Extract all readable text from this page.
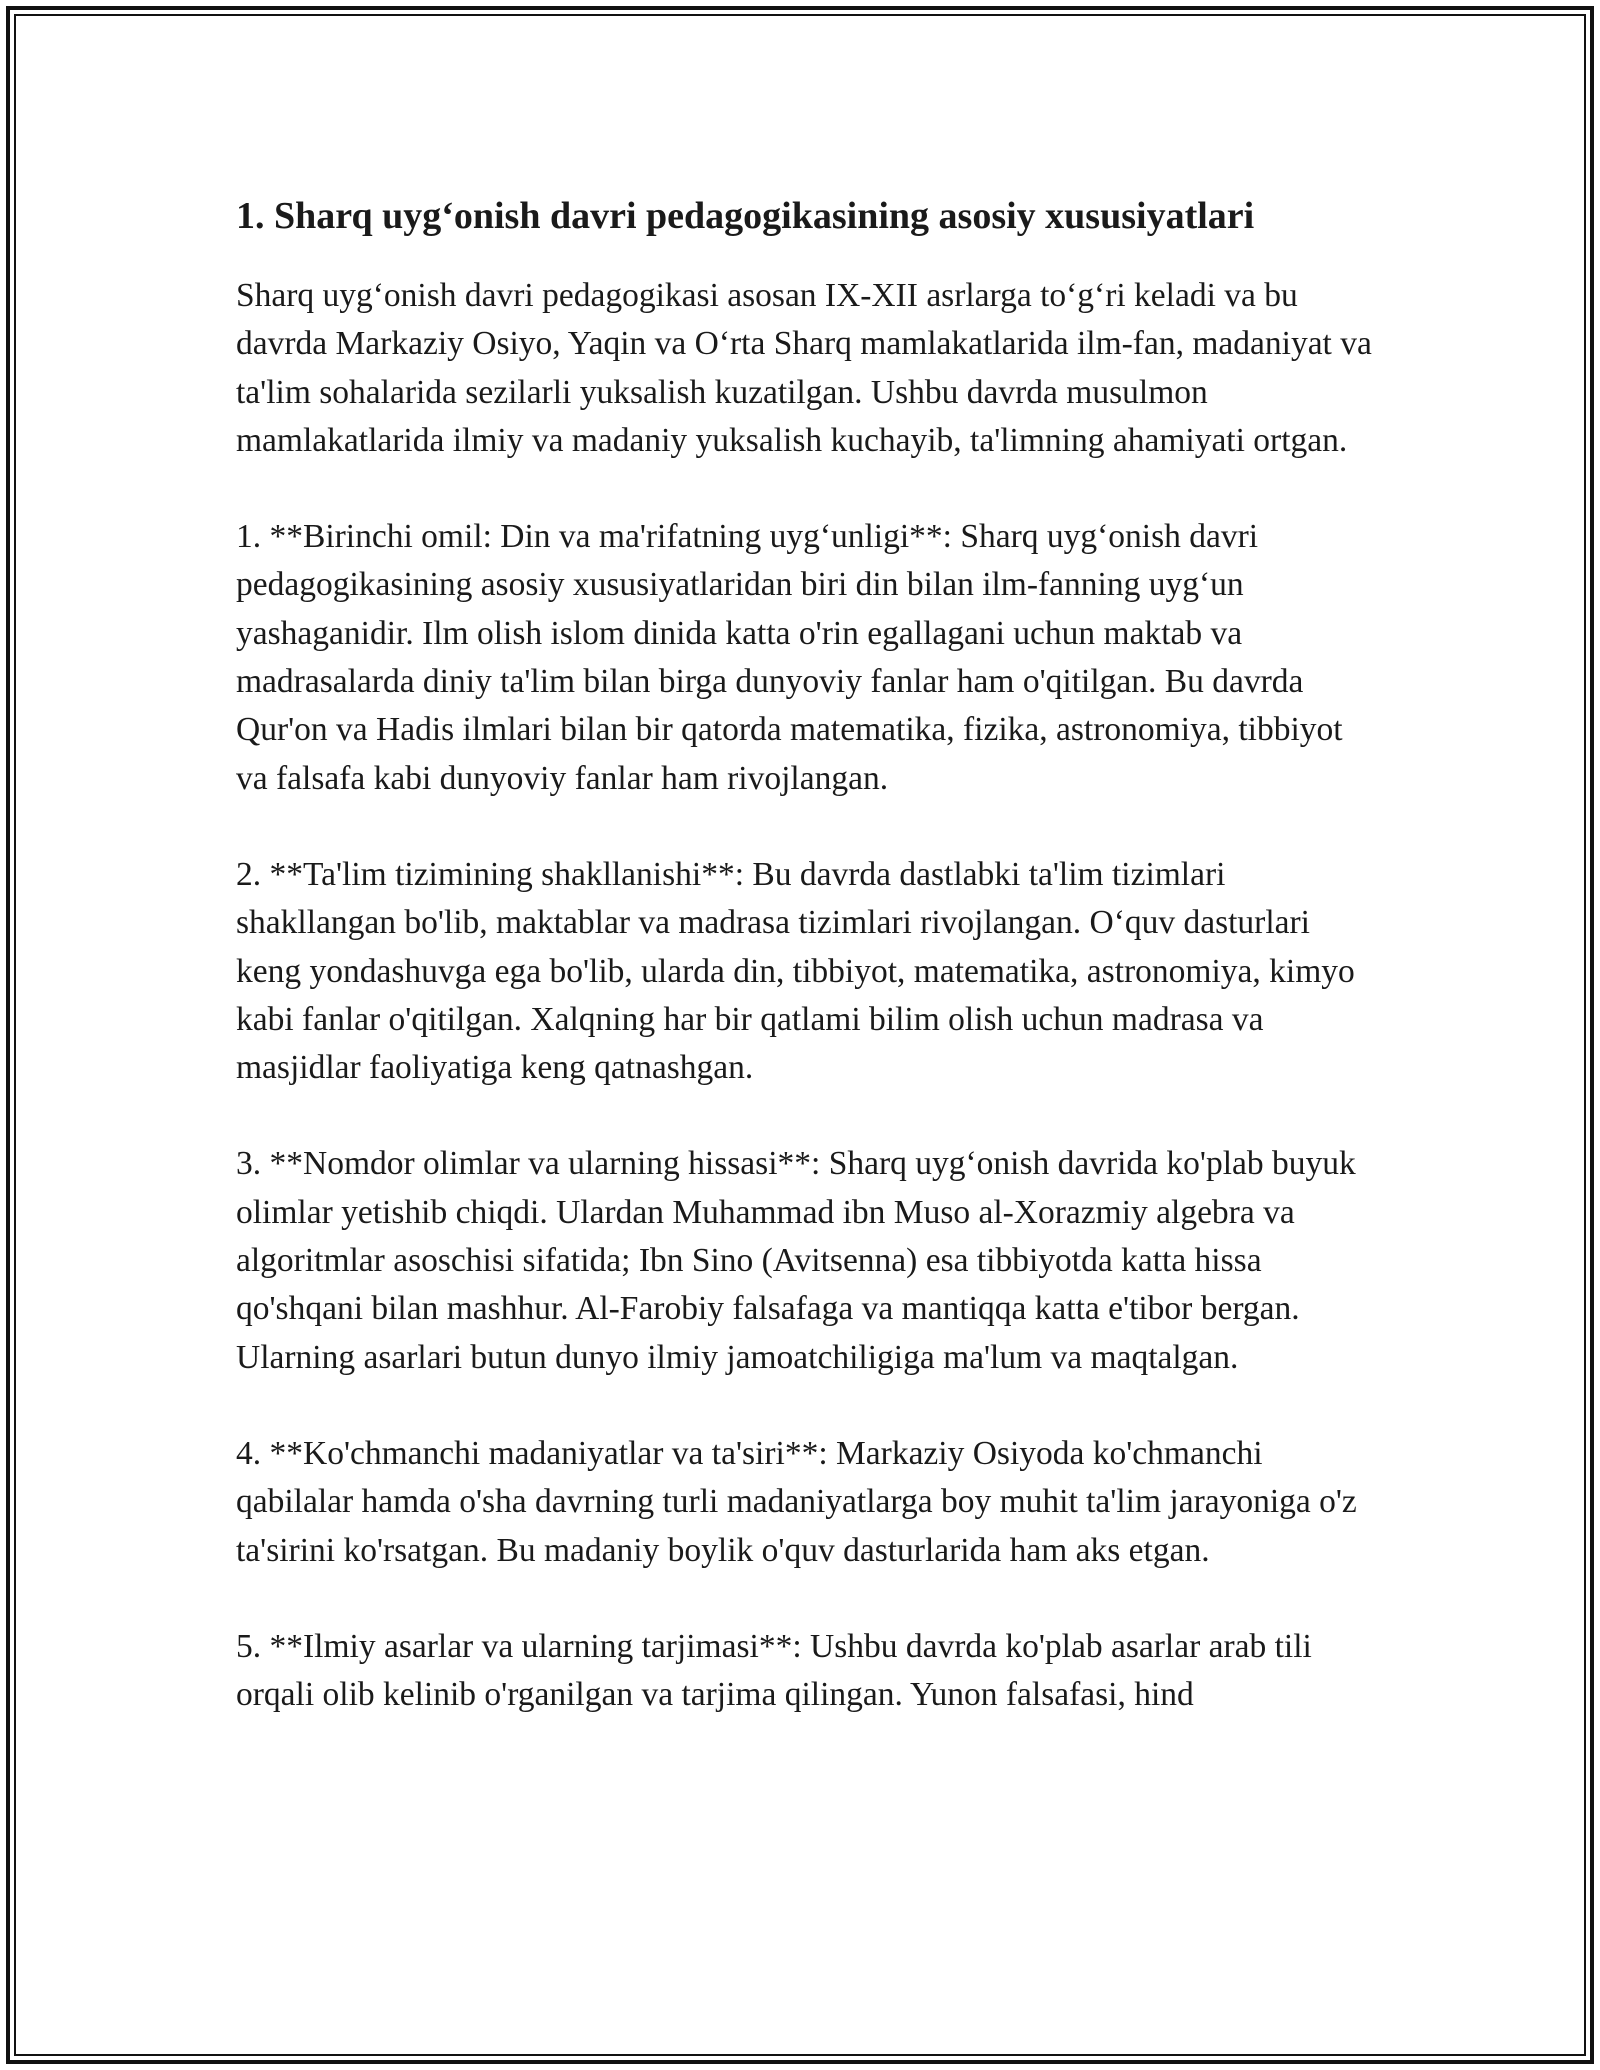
1. Sharq uyg‘onish davri pedagogikasining asosiy xususiyatlari

Sharq uyg‘onish davri pedagogikasi asosan IX-XII asrlarga to‘g‘ri keladi va bu davrda Markaziy Osiyo, Yaqin va O‘rta Sharq mamlakatlarida ilm-fan, madaniyat va ta'lim sohalarida sezilarli yuksalish kuzatilgan. Ushbu davrda musulmon mamlakatlarida ilmiy va madaniy yuksalish kuchayib, ta'limning ahamiyati ortgan.

1. **Birinchi omil: Din va ma'rifatning uyg‘unligi**: Sharq uyg‘onish davri pedagogikasining asosiy xususiyatlaridan biri din bilan ilm-fanning uyg‘un yashaganidir. Ilm olish islom dinida katta o'rin egallagani uchun maktab va madrasalarda diniy ta'lim bilan birga dunyoviy fanlar ham o'qitilgan. Bu davrda Qur'on va Hadis ilmlari bilan bir qatorda matematika, fizika, astronomiya, tibbiyot va falsafa kabi dunyoviy fanlar ham rivojlangan.

2. **Ta'lim tizimining shakllanishi**: Bu davrda dastlabki ta'lim tizimlari shakllangan bo'lib, maktablar va madrasa tizimlari rivojlangan. O‘quv dasturlari keng yondashuvga ega bo'lib, ularda din, tibbiyot, matematika, astronomiya, kimyo kabi fanlar o'qitilgan. Xalqning har bir qatlami bilim olish uchun madrasa va masjidlar faoliyatiga keng qatnashgan.

3. **Nomdor olimlar va ularning hissasi**: Sharq uyg‘onish davrida ko'plab buyuk olimlar yetishib chiqdi. Ulardan Muhammad ibn Muso al-Xorazmiy algebra va algoritmlar asoschisi sifatida; Ibn Sino (Avitsenna) esa tibbiyotda katta hissa qo'shqani bilan mashhur. Al-Farobiy falsafaga va mantiqqa katta e'tibor bergan. Ularning asarlari butun dunyo ilmiy jamoatchiligiga ma'lum va maqtalgan.

4. **Ko'chmanchi madaniyatlar va ta'siri**: Markaziy Osiyoda ko'chmanchi qabilalar hamda o'sha davrning turli madaniyatlarga boy muhit ta'lim jarayoniga o'z ta'sirini ko'rsatgan. Bu madaniy boylik o'quv dasturlarida ham aks etgan.

5. **Ilmiy asarlar va ularning tarjimasi**: Ushbu davrda ko'plab asarlar arab tili orqali olib kelinib o'rganilgan va tarjima qilingan. Yunon falsafasi, hind
